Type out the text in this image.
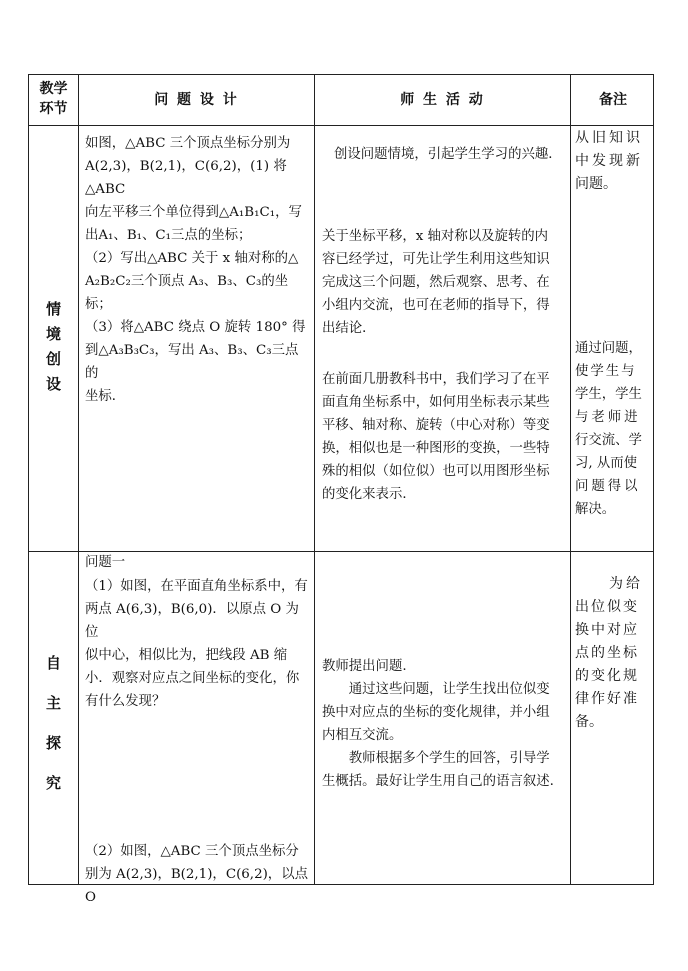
教学
环节
问 题 设 计	师 生 活 动	备注
情
境
创
设
如图，△ABC 三个顶点坐标分别为
A(2,3)，B(2,1)，C(6,2)，(1) 将△ABC
向左平移三个单位得到△A₁B₁C₁，写
出A₁、B₁、C₁三点的坐标；
（2）写出△ABC 关于 x 轴对称的△
A₂B₂C₂三个顶点 A₃、B₃、C₃的坐标；
（3）将△ABC 绕点 O 旋转 180° 得
到△A₃B₃C₃，写出 A₃、B₃、C₃三点的
坐标．
创设问题情境，引起学生学习的兴趣．
关于坐标平移，x 轴对称以及旋转的内
容已经学过，可先让学生利用这些知识
完成这三个问题，然后观察、思考、在
小组内交流，也可在老师的指导下，得
出结论．
在前面几册教科书中，我们学习了在平
面直角坐标系中，如何用坐标表示某些
平移、轴对称、旋转（中心对称）等变
换，相似也是一种图形的变换，一些特
殊的相似（如位似）也可以用图形坐标
的变化来表示．
从旧知识
中发现新
问题。
通过问题，
使学生与
学生，学生
与老师进
行交流、学
习, 从而使
问题得以
解决。
自
主
探
究
问题一
（1）如图，在平面直角坐标系中，有
两点 A(6,3)，B(6,0)．以原点 O 为位
似中心，相似比为，把线段 AB 缩
小．观察对应点之间坐标的变化，你
有什么发现？
（2）如图，△ABC 三个顶点坐标分
别为 A(2,3)，B(2,1)，C(6,2)，以点 O
教师提出问题.
　　通过这些问题，让学生找出位似变
换中对应点的坐标的变化规律，并小组
内相互交流。
　　教师根据多个学生的回答，引导学
生概括。最好让学生用自己的语言叙述.
　　为给
出位似变
换中对应
点的坐标
的变化规
律作好准
备。
